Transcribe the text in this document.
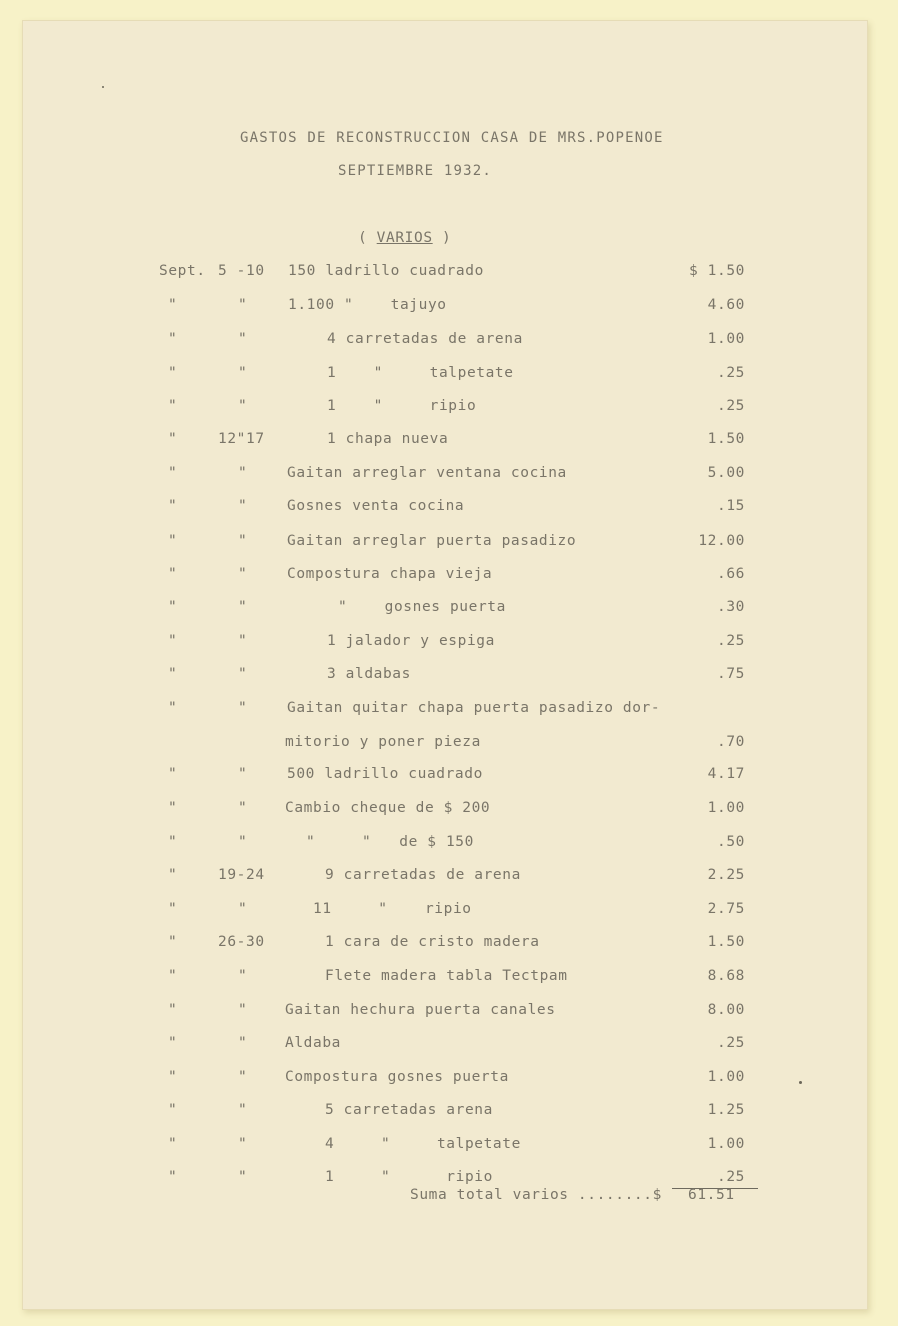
GASTOS DE RECONSTRUCCION CASA DE MRS.POPENOE
SEPTIEMBRE 1932.
( VARIOS )
Sept. 5 -10 150 ladrillo cuadrado	$ 1.50
"	"	1.100 "    tajuyo	4.60
"	"	4 carretadas de arena	1.00
"	"	1    "     talpetate	.25
"	"	1    "     ripio	.25
"	12"17	1 chapa nueva	1.50
"	"	Gaitan arreglar ventana cocina	5.00
"	"	Gosnes venta cocina	.15
"	"	Gaitan arreglar puerta pasadizo	12.00
"	"	Compostura chapa vieja	.66
"	"	"    gosnes puerta	.30
"	"	1 jalador y espiga	.25
"	"	3 aldabas	.75
"	"	Gaitan quitar chapa puerta pasadizo dor-
mitorio y poner pieza	.70
"	"	500 ladrillo cuadrado	4.17
"	"	Cambio cheque de $ 200	1.00
"	"	"     "   de $ 150	.50
"	19-24	9 carretadas de arena	2.25
"	"	11     "    ripio	2.75
"	26-30	1 cara de cristo madera	1.50
"	"	Flete madera tabla Tectpam	8.68
"	"	Gaitan hechura puerta canales	8.00
"	"	Aldaba	.25
"	"	Compostura gosnes puerta	1.00
"	"	5 carretadas arena	1.25
"	"	4     "     talpetate	1.00
"	"	1     "      ripio	.25
Suma total varios ........$ 61.51
